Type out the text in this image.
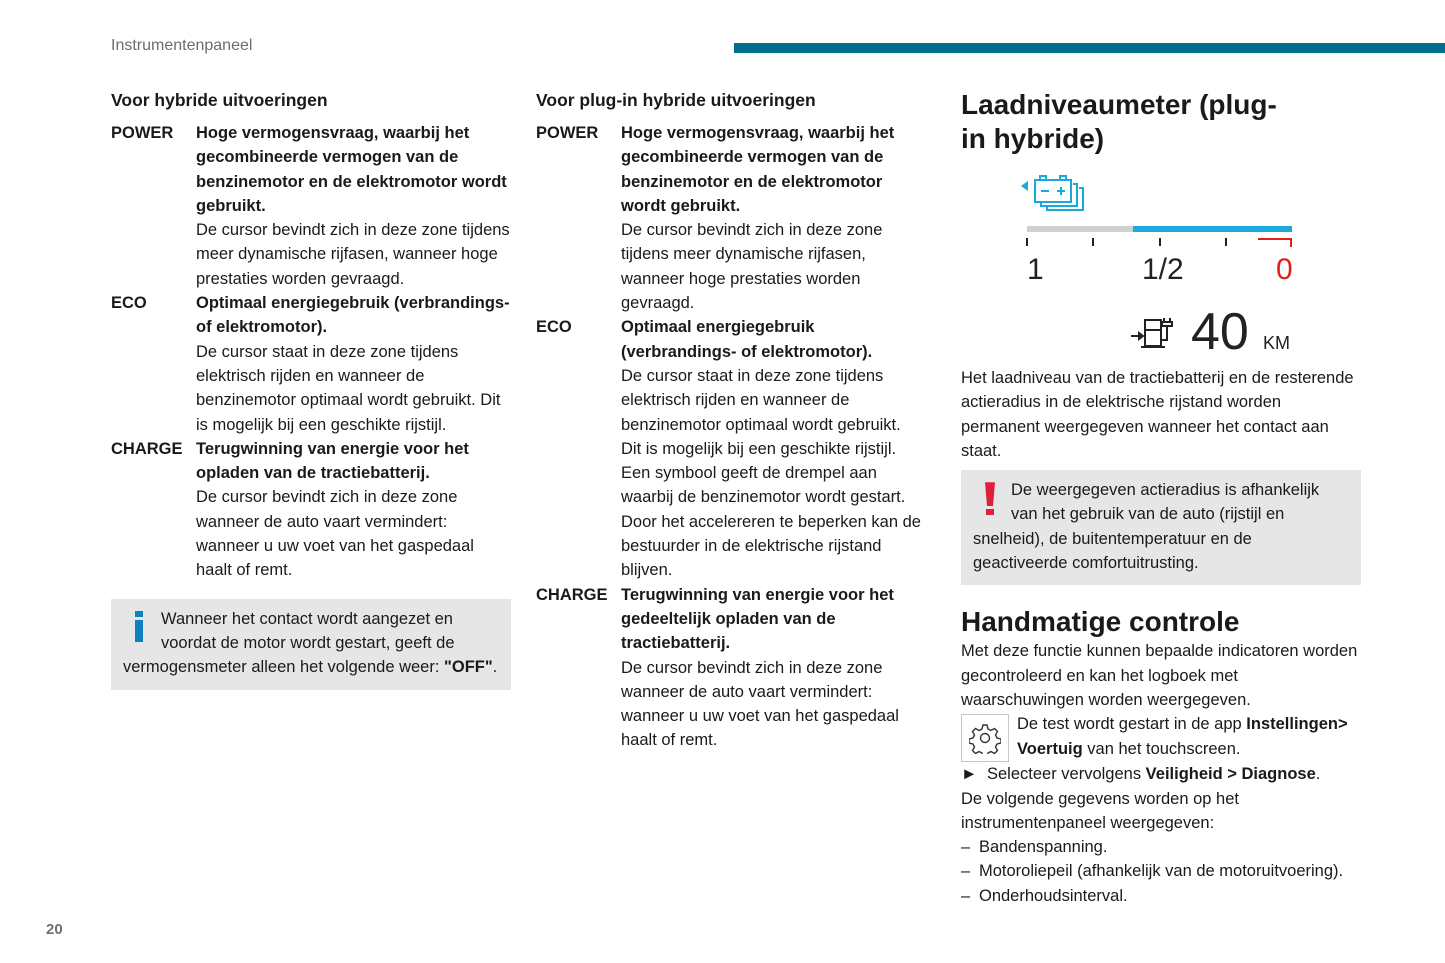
Instrumentenpaneel
Voor hybride uitvoeringen
POWER	Hoge vermogensvraag, waarbij het gecombineerde vermogen van de benzinemotor en de elektromotor wordt gebruikt.
De cursor bevindt zich in deze zone tijdens meer dynamische rijfasen, wanneer hoge prestaties worden gevraagd.
ECO	Optimaal energiegebruik (verbrandings- of elektromotor).
De cursor staat in deze zone tijdens elektrisch rijden en wanneer de benzinemotor optimaal wordt gebruikt. Dit is mogelijk bij een geschikte rijstijl.
CHARGE Terugwinning van energie voor het opladen van de tractiebatterij.
De cursor bevindt zich in deze zone wanneer de auto vaart vermindert: wanneer u uw voet van het gaspedaal haalt of remt.
Wanneer het contact wordt aangezet en voordat de motor wordt gestart, geeft de vermogensmeter alleen het volgende weer: "OFF".
Voor plug-in hybride uitvoeringen
POWER	Hoge vermogensvraag, waarbij het gecombineerde vermogen van de benzinemotor en de elektromotor wordt gebruikt.
De cursor bevindt zich in deze zone tijdens meer dynamische rijfasen, wanneer hoge prestaties worden gevraagd.
ECO	Optimaal energiegebruik (verbrandings- of elektromotor).
De cursor staat in deze zone tijdens elektrisch rijden en wanneer de benzinemotor optimaal wordt gebruikt. Dit is mogelijk bij een geschikte rijstijl. Een symbool geeft de drempel aan waarbij de benzinemotor wordt gestart. Door het accelereren te beperken kan de bestuurder in de elektrische rijstand blijven.
CHARGE Terugwinning van energie voor het gedeeltelijk opladen van de tractiebatterij.
De cursor bevindt zich in deze zone wanneer de auto vaart vermindert: wanneer u uw voet van het gaspedaal haalt of remt.
Laadniveaumeter (plug-in hybride)
1	1/2	0
40 KM
Het laadniveau van de tractiebatterij en de resterende actieradius in de elektrische rijstand worden permanent weergegeven wanneer het contact aan staat.
De weergegeven actieradius is afhankelijk van het gebruik van de auto (rijstijl en snelheid), de buitentemperatuur en de geactiveerde comfortuitrusting.
Handmatige controle
Met deze functie kunnen bepaalde indicatoren worden gecontroleerd en kan het logboek met waarschuwingen worden weergegeven.
De test wordt gestart in de app Instellingen> Voertuig van het touchscreen.
► Selecteer vervolgens Veiligheid > Diagnose.
De volgende gegevens worden op het instrumentenpaneel weergegeven:
– Bandenspanning.
– Motoroliepeil (afhankelijk van de motoruitvoering).
– Onderhoudsinterval.
20
